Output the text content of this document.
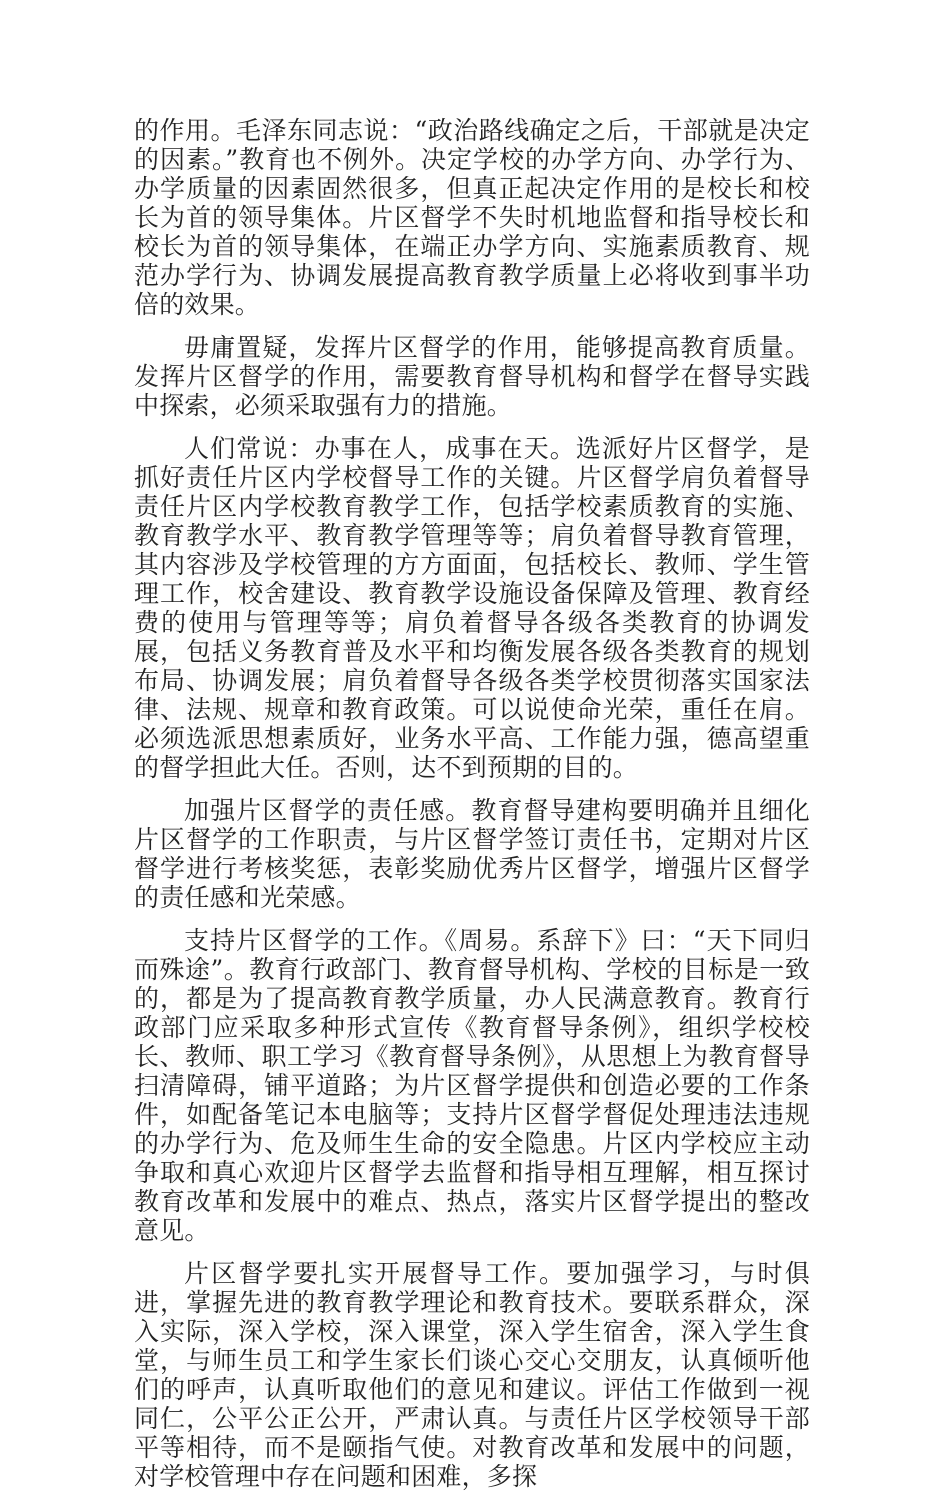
的作用。毛泽东同志说：“政治路线确定之后，干部就是决定的因素。”教育也不例外。决定学校的办学方向、办学行为、办学质量的因素固然很多，但真正起决定作用的是校长和校长为首的领导集体。片区督学不失时机地监督和指导校长和校长为首的领导集体，在端正办学方向、实施素质教育、规范办学行为、协调发展提高教育教学质量上必将收到事半功倍的效果。

毋庸置疑，发挥片区督学的作用，能够提高教育质量。发挥片区督学的作用，需要教育督导机构和督学在督导实践中探索，必须采取强有力的措施。

人们常说：办事在人，成事在天。选派好片区督学，是抓好责任片区内学校督导工作的关键。片区督学肩负着督导责任片区内学校教育教学工作，包括学校素质教育的实施、教育教学水平、教育教学管理等等；肩负着督导教育管理，其内容涉及学校管理的方方面面，包括校长、教师、学生管理工作，校舍建设、教育教学设施设备保障及管理、教育经费的使用与管理等等；肩负着督导各级各类教育的协调发展，包括义务教育普及水平和均衡发展各级各类教育的规划布局、协调发展；肩负着督导各级各类学校贯彻落实国家法律、法规、规章和教育政策。可以说使命光荣，重任在肩。必须选派思想素质好，业务水平高、工作能力强，德高望重的督学担此大任。否则，达不到预期的目的。

加强片区督学的责任感。教育督导建构要明确并且细化片区督学的工作职责，与片区督学签订责任书，定期对片区督学进行考核奖惩，表彰奖励优秀片区督学，增强片区督学的责任感和光荣感。

支持片区督学的工作。《周易。系辞下》曰：“天下同归而殊途”。教育行政部门、教育督导机构、学校的目标是一致的，都是为了提高教育教学质量，办人民满意教育。教育行政部门应采取多种形式宣传《教育督导条例》，组织学校校长、教师、职工学习《教育督导条例》，从思想上为教育督导扫清障碍，铺平道路；为片区督学提供和创造必要的工作条件，如配备笔记本电脑等；支持片区督学督促处理违法违规的办学行为、危及师生生命的安全隐患。片区内学校应主动争取和真心欢迎片区督学去监督和指导相互理解，相互探讨教育改革和发展中的难点、热点，落实片区督学提出的整改意见。

片区督学要扎实开展督导工作。要加强学习，与时俱进，掌握先进的教育教学理论和教育技术。要联系群众，深入实际，深入学校，深入课堂，深入学生宿舍，深入学生食堂，与师生员工和学生家长们谈心交心交朋友，认真倾听他们的呼声，认真听取他们的意见和建议。评估工作做到一视同仁，公平公正公开，严肃认真。与责任片区学校领导干部平等相待，而不是颐指气使。对教育改革和发展中的问题，对学校管理中存在问题和困难，多探
